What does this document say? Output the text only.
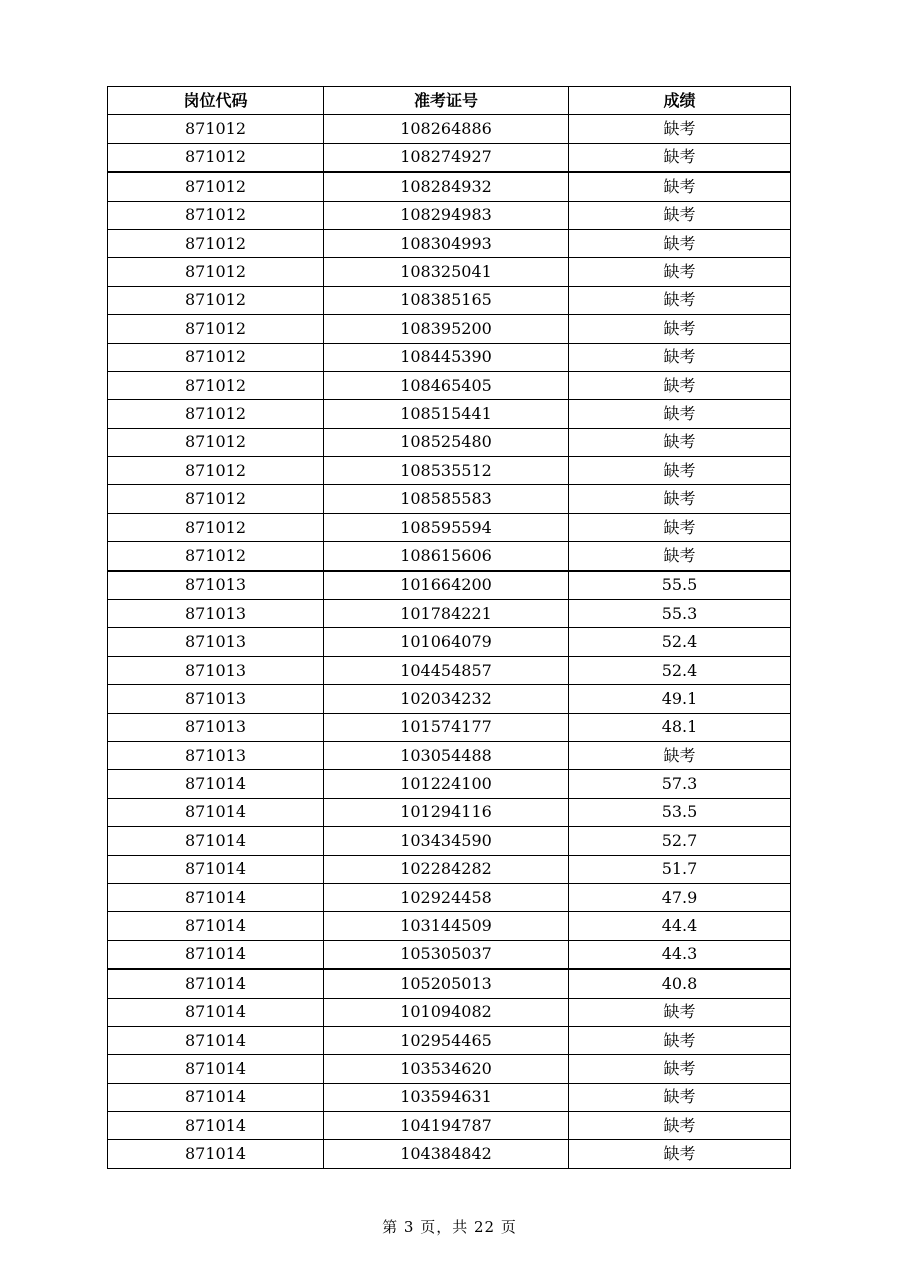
岗位代码	准考证号	成绩
871012	108264886	缺考
871012	108274927	缺考
871012	108284932	缺考
871012	108294983	缺考
871012	108304993	缺考
871012	108325041	缺考
871012	108385165	缺考
871012	108395200	缺考
871012	108445390	缺考
871012	108465405	缺考
871012	108515441	缺考
871012	108525480	缺考
871012	108535512	缺考
871012	108585583	缺考
871012	108595594	缺考
871012	108615606	缺考
871013	101664200	55.5
871013	101784221	55.3
871013	101064079	52.4
871013	104454857	52.4
871013	102034232	49.1
871013	101574177	48.1
871013	103054488	缺考
871014	101224100	57.3
871014	101294116	53.5
871014	103434590	52.7
871014	102284282	51.7
871014	102924458	47.9
871014	103144509	44.4
871014	105305037	44.3
871014	105205013	40.8
871014	101094082	缺考
871014	102954465	缺考
871014	103534620	缺考
871014	103594631	缺考
871014	104194787	缺考
871014	104384842	缺考
第 3 页，共 22 页
